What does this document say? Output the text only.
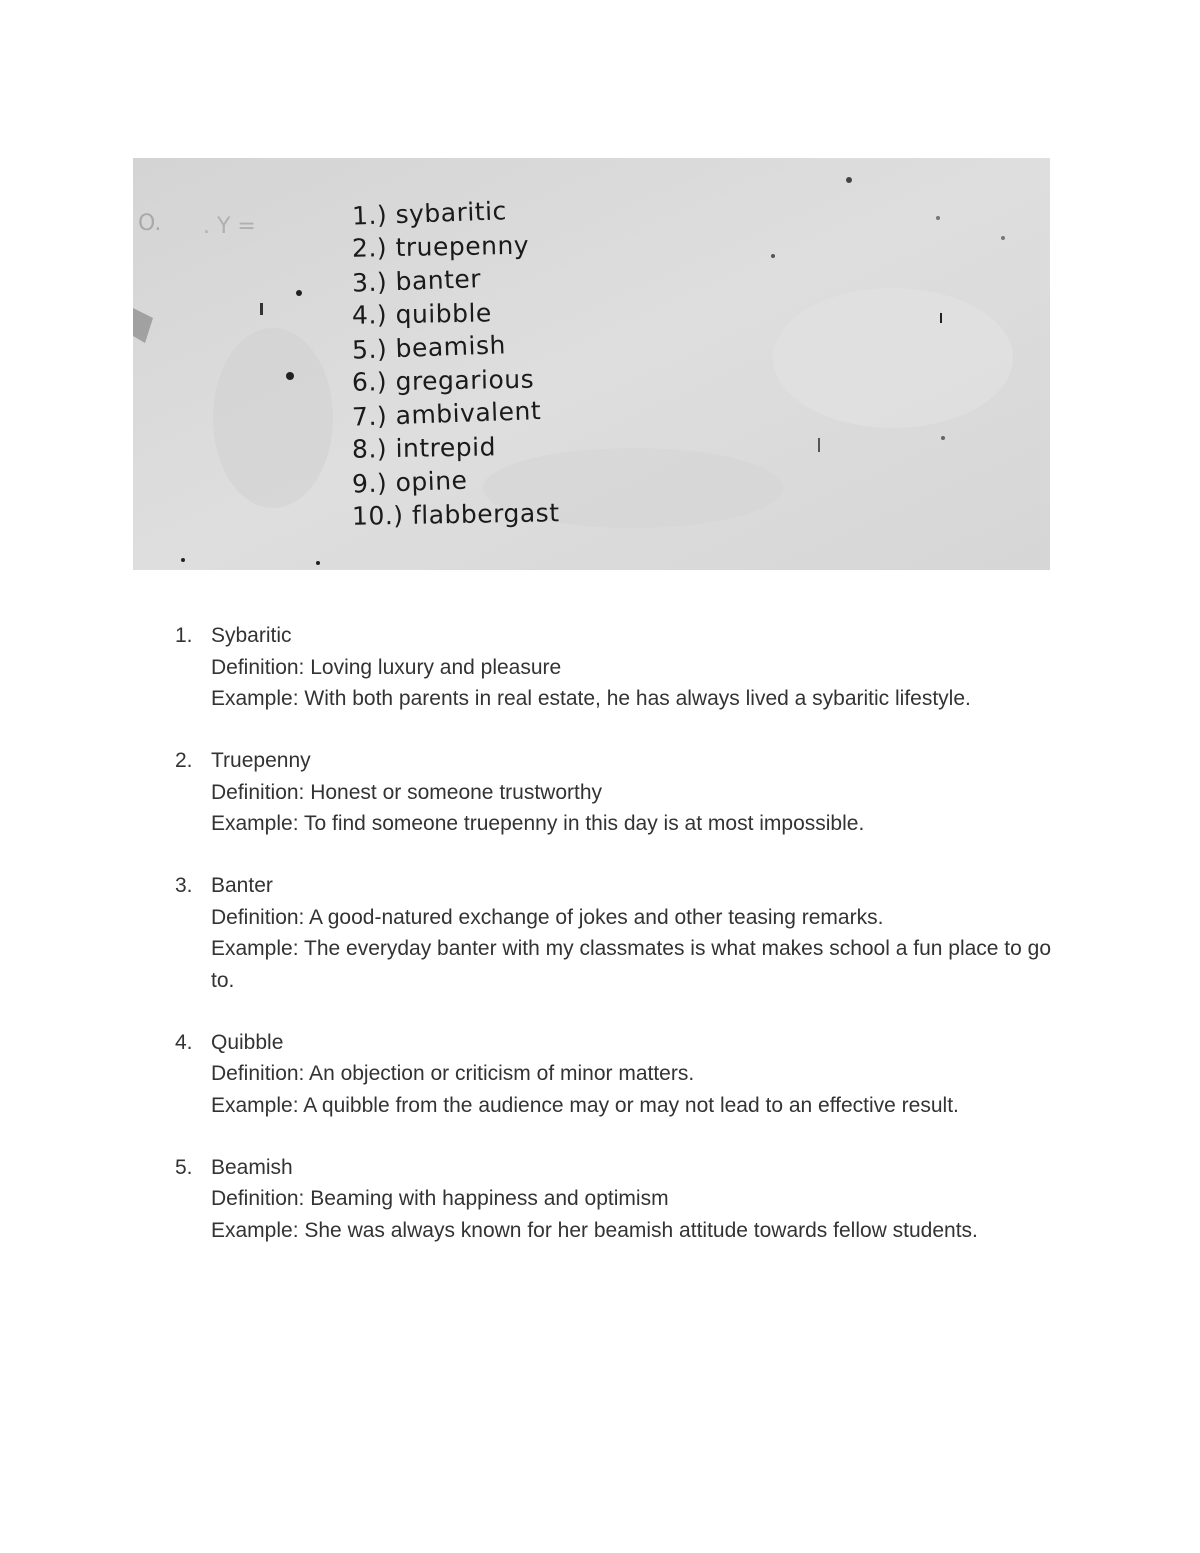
O. . Y =	1.) sybaritic
2.) truepenny
3.) banter
4.) quibble
5.) beamish
6.) gregarious
7.) ambivalent
8.) intrepid
9.) opine
10.) flabbergast
1. Sybaritic

Definition: Loving luxury and pleasure

Example: With both parents in real estate, he has always lived a sybaritic lifestyle.

2. Truepenny

Definition: Honest or someone trustworthy

Example: To find someone truepenny in this day is at most impossible.

3. Banter

Definition: A good-natured exchange of jokes and other teasing remarks.

Example: The everyday banter with my classmates is what makes school a fun place to go to.

4. Quibble

Definition: An objection or criticism of minor matters.

Example: A quibble from the audience may or may not lead to an effective result.

5. Beamish

Definition: Beaming with happiness and optimism

Example: She was always known for her beamish attitude towards fellow students.
